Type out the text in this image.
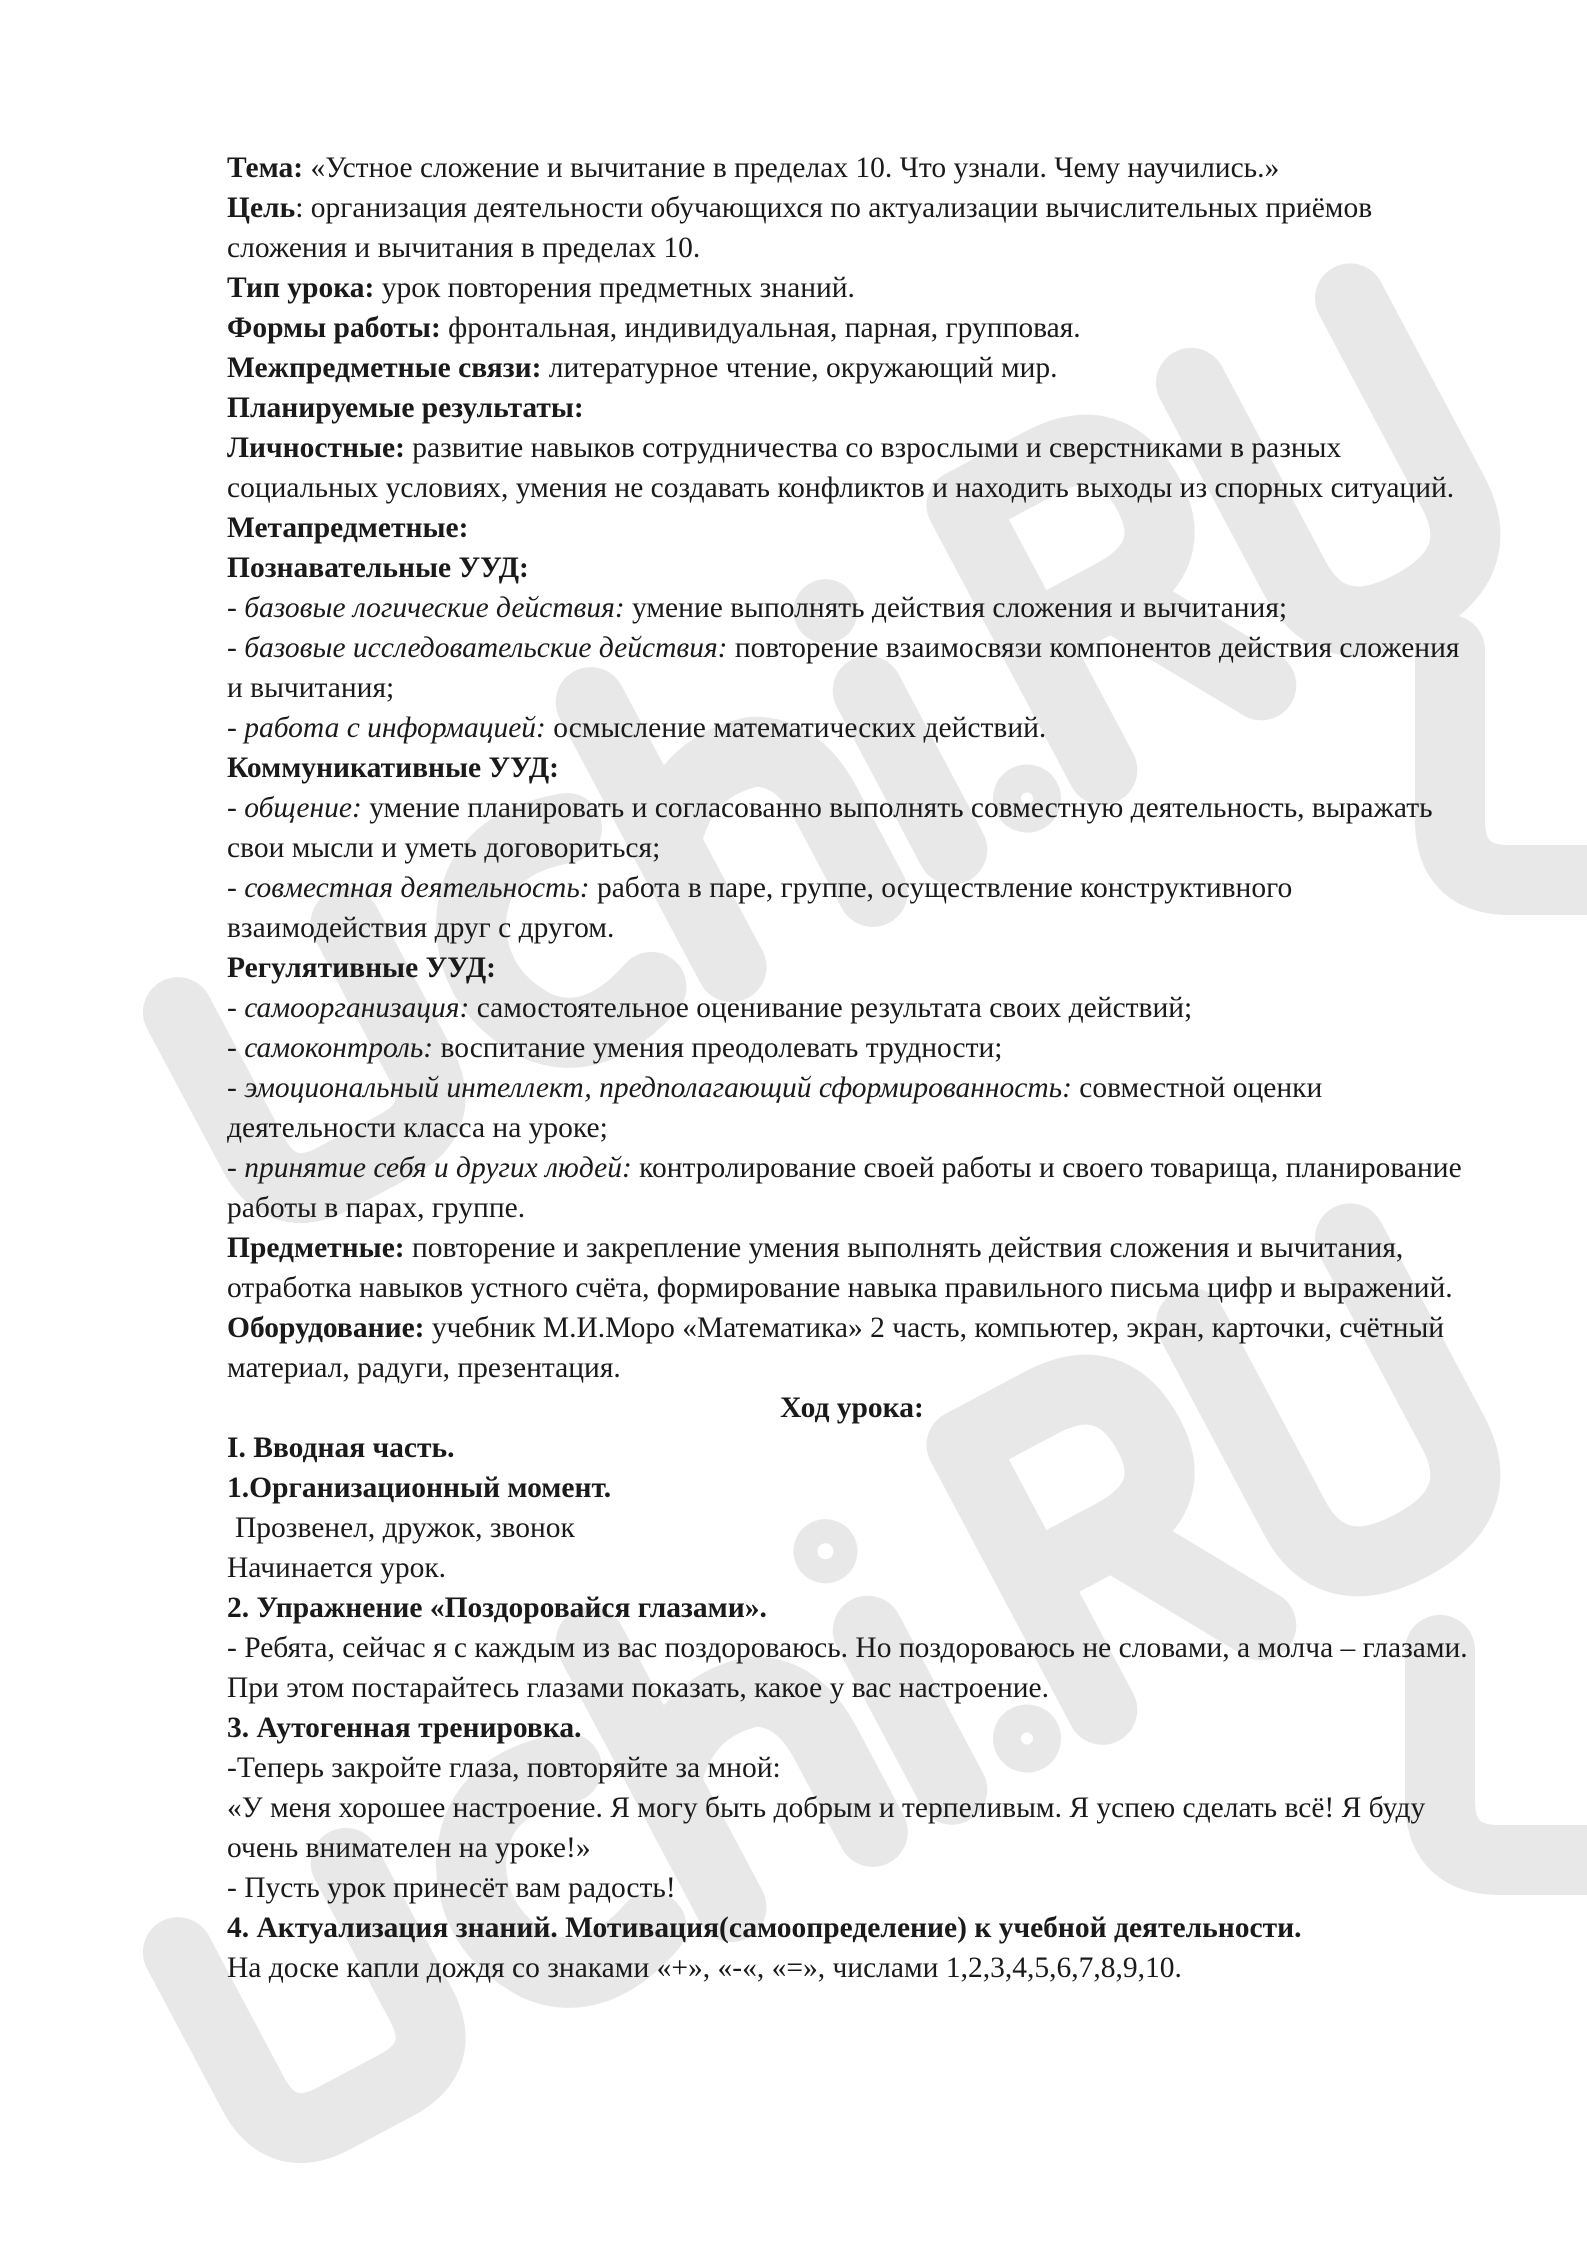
Тема: «Устное сложение и вычитание в пределах 10. Что узнали. Чему научились.»

Цель: организация деятельности обучающихся по актуализации вычислительных приёмов сложения и вычитания в пределах 10.

Тип урока: урок повторения предметных знаний.

Формы работы: фронтальная, индивидуальная, парная, групповая.

Межпредметные связи: литературное чтение, окружающий мир.

Планируемые результаты:

Личностные: развитие навыков сотрудничества со взрослыми и сверстниками в разных социальных условиях, умения не создавать конфликтов и находить выходы из спорных ситуаций.

Метапредметные:

Познавательные УУД:

- базовые логические действия: умение выполнять действия сложения и вычитания;

- базовые исследовательские действия: повторение взаимосвязи компонентов действия сложения и вычитания;

- работа с информацией: осмысление математических действий.

Коммуникативные УУД:

- общение: умение планировать и согласованно выполнять совместную деятельность, выражать свои мысли и уметь договориться;

- совместная деятельность: работа в паре, группе, осуществление конструктивного взаимодействия друг с другом.

Регулятивные УУД:

- самоорганизация: самостоятельное оценивание результата своих действий;

- самоконтроль: воспитание умения преодолевать трудности;

- эмоциональный интеллект, предполагающий сформированность: совместной оценки деятельности класса на уроке;

- принятие себя и других людей: контролирование своей работы и своего товарища, планирование работы в парах, группе.

Предметные: повторение и закрепление умения выполнять действия сложения и вычитания, отработка навыков устного счёта, формирование навыка правильного письма цифр и выражений.

Оборудование: учебник М.И.Моро «Математика» 2 часть, компьютер, экран, карточки, счётный материал, радуги, презентация.

Ход урока:

I. Вводная часть.

1.Организационный момент.

Прозвенел, дружок, звонок

Начинается урок.

2. Упражнение «Поздоровайся глазами».

- Ребята, сейчас я с каждым из вас поздороваюсь. Но поздороваюсь не словами, а молча – глазами. При этом постарайтесь глазами показать, какое у вас настроение.

3. Аутогенная тренировка.

-Теперь закройте глаза, повторяйте за мной:

«У меня хорошее настроение. Я могу быть добрым и терпеливым. Я успею сделать всё! Я буду очень внимателен на уроке!»

- Пусть урок принесёт вам радость!

4. Актуализация знаний. Мотивация(самоопределение) к учебной деятельности.

На доске капли дождя со знаками «+», «-«, «=», числами 1,2,3,4,5,6,7,8,9,10.
